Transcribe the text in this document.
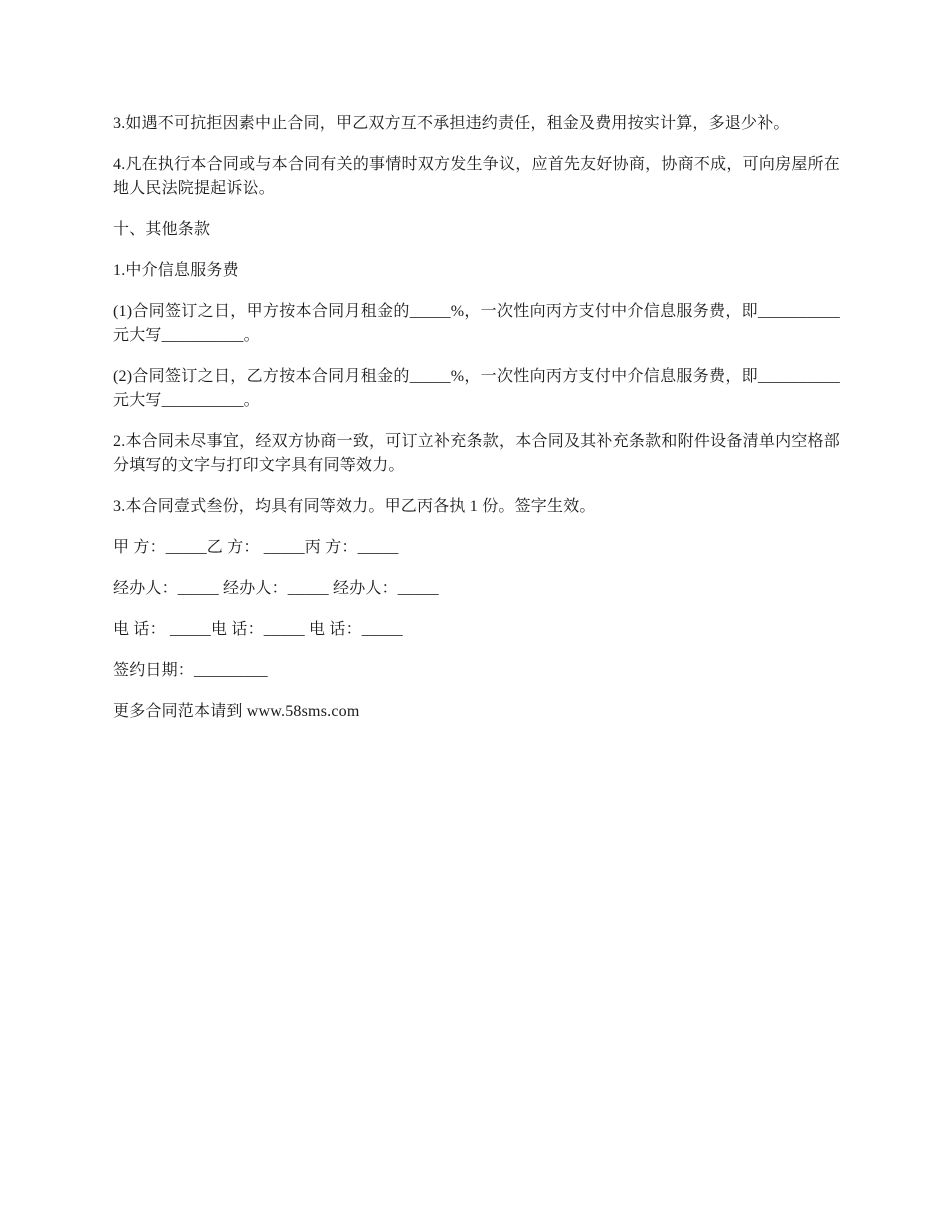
3.如遇不可抗拒因素中止合同，甲乙双方互不承担违约责任，租金及费用按实计算，多退少补。

4.凡在执行本合同或与本合同有关的事情时双方发生争议，应首先友好协商，协商不成，可向房屋所在地人民法院提起诉讼。

十、其他条款

1.中介信息服务费

(1)合同签订之日，甲方按本合同月租金的_____%，一次性向丙方支付中介信息服务费，即__________元大写__________。

(2)合同签订之日，乙方按本合同月租金的_____%，一次性向丙方支付中介信息服务费，即__________元大写__________。

2.本合同未尽事宜，经双方协商一致，可订立补充条款，本合同及其补充条款和附件设备清单内空格部分填写的文字与打印文字具有同等效力。

3.本合同壹式叁份，均具有同等效力。甲乙丙各执 1 份。签字生效。

甲 方：_____乙 方： _____丙 方：_____

经办人：_____ 经办人：_____ 经办人：_____

电 话： _____电 话：_____ 电 话：_____

签约日期：_________

更多合同范本请到 www.58sms.com
